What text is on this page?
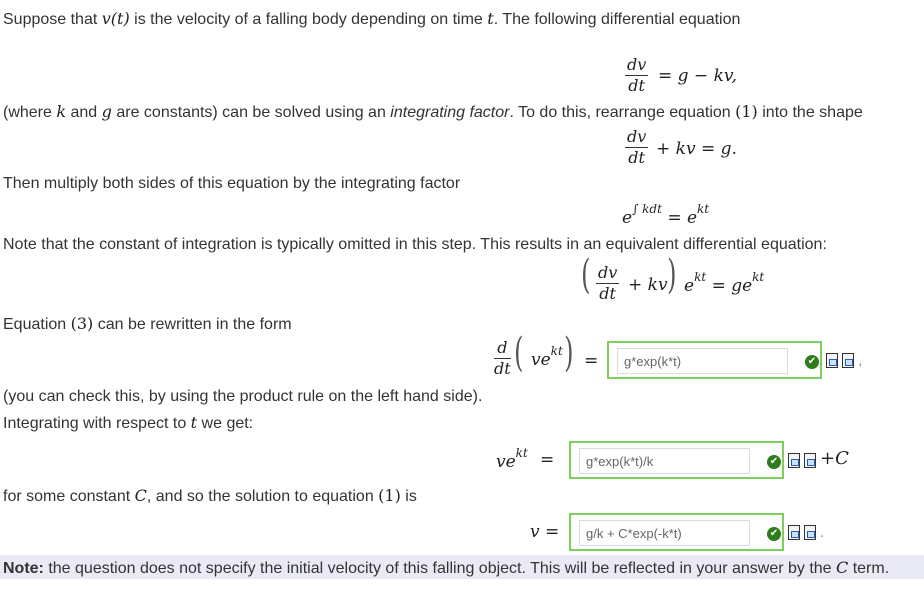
Suppose that v(t) is the velocity of a falling body depending on time t. The following differential equation
$\frac{dv}{dt} = g$ − kv,
(where k and g are constants) can be solved using an integrating factor. To do this, rearrange equation (1) into the shape
$\frac{dv}{dt}$ + kv = g.
Then multiply both sides of this equation by the integrating factor
$e^{\int kdt} = e^{kt}$
Note that the constant of integration is typically omitted in this step. This results in an equivalent differential equation:
( $\frac{dv}{dt}$ + kv ) $e^{kt} = ge^{kt}$
Equation (3) can be rewritten in the form
$\frac{d}{dt}$ ( $ve^{kt}$ ) =
g*exp(k*t)	✔	,
(you can check this, by using the product rule on the left hand side).
Integrating with respect to t we get:
$ve^{kt}$ =
g*exp(k*t)/k	✔ +C
for some constant C, and so the solution to equation (1) is
v =
g/k + C*exp(-k*t)	✔	.
Note: the question does not specify the initial velocity of this falling object. This will be reflected in your answer by the C term.
